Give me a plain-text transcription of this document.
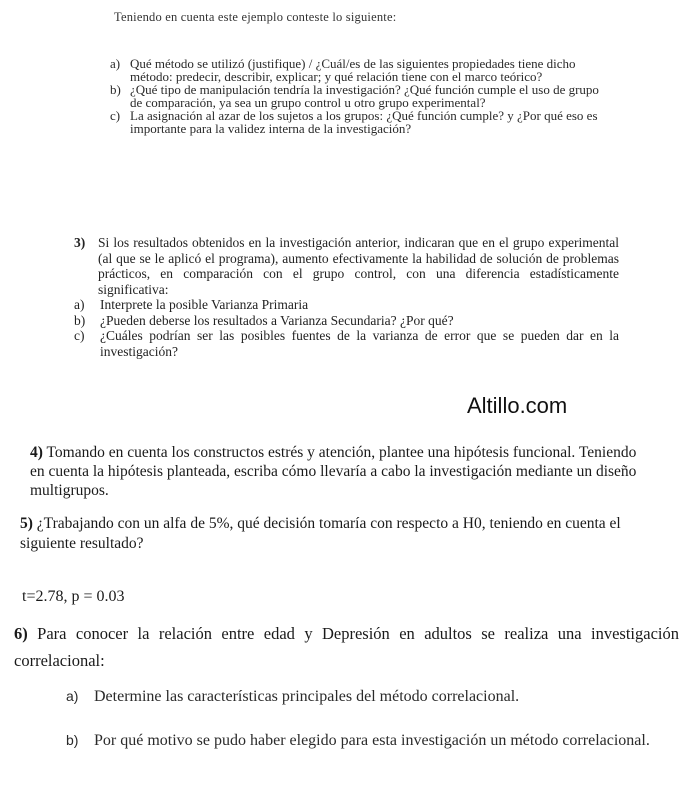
Teniendo en cuenta este ejemplo conteste lo siguiente:
a) Qué método se utilizó (justifique) / ¿Cuál/es de las siguientes propiedades tiene dicho método: predecir, describir, explicar; y qué relación tiene con el marco teórico?
b) ¿Qué tipo de manipulación tendría la investigación? ¿Qué función cumple el uso de grupo de comparación, ya sea un grupo control u otro grupo experimental?
c) La asignación al azar de los sujetos a los grupos: ¿Qué función cumple? y ¿Por qué eso es importante para la validez interna de la investigación?
3) Si los resultados obtenidos en la investigación anterior, indicaran que en el grupo experimental (al que se le aplicó el programa), aumento efectivamente la habilidad de solución de problemas prácticos, en comparación con el grupo control, con una diferencia estadísticamente significativa:
a)	Interprete la posible Varianza Primaria
b)	¿Pueden deberse los resultados a Varianza Secundaria? ¿Por qué?
c)	¿Cuáles podrían ser las posibles fuentes de la varianza de error que se pueden dar en la investigación?
Altillo.com
4) Tomando en cuenta los constructos estrés y atención, plantee una hipótesis funcional. Teniendo en cuenta la hipótesis planteada, escriba cómo llevaría a cabo la investigación mediante un diseño multigrupos.
5) ¿Trabajando con un alfa de 5%, qué decisión tomaría con respecto a H0, teniendo en cuenta el siguiente resultado?
t=2.78, p = 0.03
6) Para conocer la relación entre edad y Depresión en adultos se realiza una investigación correlacional:
a) Determine las características principales del método correlacional.
b) Por qué motivo se pudo haber elegido para esta investigación un método correlacional.
